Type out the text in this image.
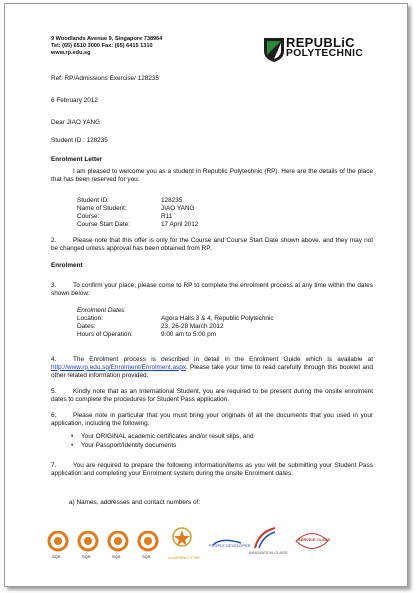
9 Woodlands Avenue 9, Singapore 738964
Tel: (65) 6510 3000 Fax: (65) 6415 1310
www.rp.edu.sg
REPUBLiC
POLYTECHNIC
Ref: RP/Admissions Exercise/ 128235
6 February 2012
Dear JIAO YANG
Student ID : 128235
Enrolment Letter
I am pleased to welcome you as a student in Republic Polytechnic (RP). Here are the details of the place that has been reserved for you:
Student ID:	128235
Name of Student:	JIAO YANG
Course:	R11
Course Start Date:	17 April 2012
2.	Please note that this offer is only for the Course and Course Start Date shown above, and they may not be changed unless approval has been obtained from RP.
Enrolment
3.	To confirm your place, please come to RP to complete the enrolment process at any time within the dates shown below:
Enrolment Dates
Location:	Agora Halls 3 & 4, Republic Polytechnic
Dates:	23, 26-28 March 2012
Hours of Operation:	9:00 am to 5:00 pm
4.	The Enrolment process is described in detail in the Enrolment Guide which is available at http://www.rp.edu.sg/Enrolment/Enrolment.aspx. Please take your time to read carefully through this booklet and other related information provided.
5.	Kindly note that as an International Student, you are required to be present during the onsite enrolment dates to complete the procedures for Student Pass application.
6.	Please note in particular that you must bring your originals of all the documents that you used in your application, including the following:
• Your ORIGINAL academic certificates and/or result slips, and
• Your Passport/Identity documents
7.	You are required to prepare the following information/items as you will be submitting your Student Pass application and completing your Enrolment system during the onsite Enrolment dates.
a) Names, addresses and contact numbers of:
SQS	SQS	SQS	SQS	LEARNING STAR
PEOPLE DEVELOPER
INNOVATION CLASS
SERVICE CLASS
